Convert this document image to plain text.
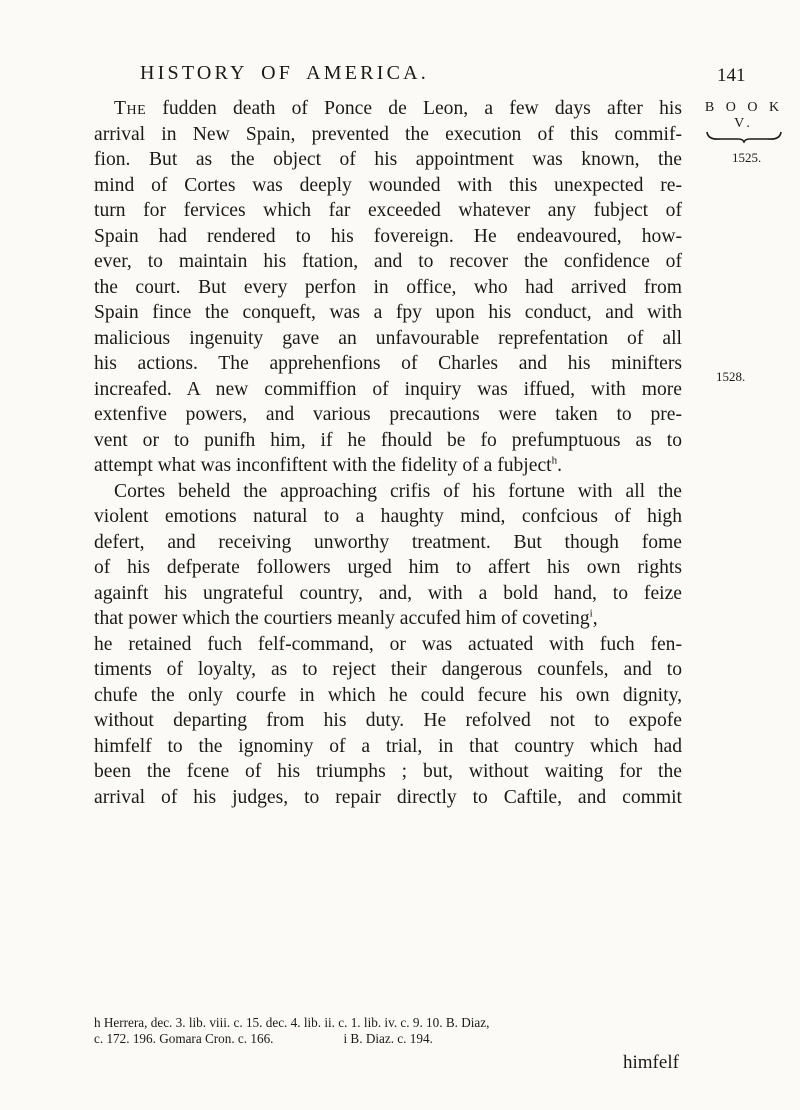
HISTORY OF AMERICA.	141
B O O K
V.
1525.
1528.
The fudden death of Ponce de Leon, a few days after his
arrival in New Spain, prevented the execution of this commif-
fion. But as the object of his appointment was known, the
mind of Cortes was deeply wounded with this unexpected re-
turn for fervices which far exceeded whatever any fubject of
Spain had rendered to his fovereign. He endeavoured, how-
ever, to maintain his ftation, and to recover the confidence of
the court. But every perfon in office, who had arrived from
Spain fince the conqueft, was a fpy upon his conduct, and with
malicious ingenuity gave an unfavourable reprefentation of all
his actions. The apprehenfions of Charles and his minifters
increafed. A new commiffion of inquiry was iffued, with more
extenfive powers, and various precautions were taken to pre-
vent or to punifh him, if he fhould be fo prefumptuous as to
attempt what was inconfiftent with the fidelity of a fubject$^h$.
Cortes beheld the approaching crifis of his fortune with all the
violent emotions natural to a haughty mind, confcious of high
defert, and receiving unworthy treatment. But though fome
of his defperate followers urged him to affert his own rights
againft his ungrateful country, and, with a bold hand, to feize
that power which the courtiers meanly accufed him of coveting$^i$,
he retained fuch felf-command, or was actuated with fuch fen-
timents of loyalty, as to reject their dangerous counfels, and to
chufe the only courfe in which he could fecure his own dignity,
without departing from his duty. He refolved not to expofe
himfelf to the ignominy of a trial, in that country which had
been the fcene of his triumphs ; but, without waiting for the
arrival of his judges, to repair directly to Caftile, and commit
h Herrera, dec. 3. lib. viii. c. 15. dec. 4. lib. ii. c. 1. lib. iv. c. 9. 10. B. Diaz,
c. 172. 196. Gomara Cron. c. 166.	i B. Diaz. c. 194.
himfelf
